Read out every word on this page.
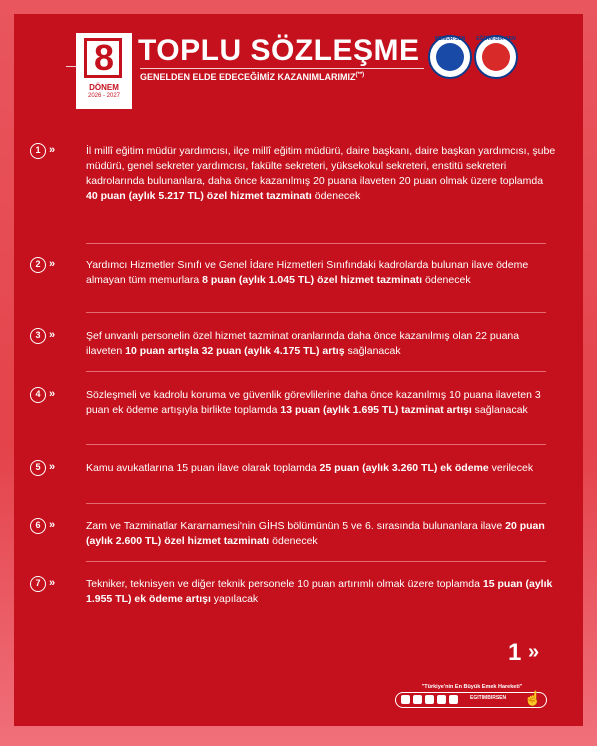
8
DÖNEM
2026 - 2027
TOPLU SÖZLEŞME
GENELDEN ELDE EDECEĞİMİZ KAZANIMLARIMIZ(**)
MEMUR-SEN	EĞİTİM-BİR-SEN
1 »	İl millî eğitim müdür yardımcısı, ilçe millî eğitim müdürü, daire başkanı, daire başkan yardımcısı, şube müdürü, genel sekreter yardımcısı, fakülte sekreteri, yüksekokul sekreteri, enstitü sekreteri kadrolarında bulunanlara, daha önce kazanılmış 20 puana ilaveten 20 puan olmak üzere toplamda 40 puan (aylık 5.217 TL) özel hizmet tazminatı ödenecek
2 »	Yardımcı Hizmetler Sınıfı ve Genel İdare Hizmetleri Sınıfındaki kadrolarda bulunan ilave ödeme almayan tüm memurlara 8 puan (aylık 1.045 TL) özel hizmet tazminatı ödenecek
3 »	Şef unvanlı personelin özel hizmet tazminat oranlarında daha önce kazanılmış olan 22 puana ilaveten 10 puan artışla 32 puan (aylık 4.175 TL) artış sağlanacak
4 »	Sözleşmeli ve kadrolu koruma ve güvenlik görevlilerine daha önce kazanılmış 10 puana ilaveten 3 puan ek ödeme artışıyla birlikte toplamda 13 puan (aylık 1.695 TL) tazminat artışı sağlanacak
5 »	Kamu avukatlarına 15 puan ilave olarak toplamda 25 puan (aylık 3.260 TL) ek ödeme verilecek
6 »	Zam ve Tazminatlar Kararnamesi'nin GİHS bölümünün 5 ve 6. sırasında bulunanlara ilave 20 puan (aylık 2.600 TL) özel hizmet tazminatı ödenecek
7 »	Tekniker, teknisyen ve diğer teknik personele 10 puan artırımlı olmak üzere toplamda 15 puan (aylık 1.955 TL) ek ödeme artışı yapılacak
1 »
"Türkiye'nin En Büyük Emek Hareketi"
EGITIMBIRSEN ☝
